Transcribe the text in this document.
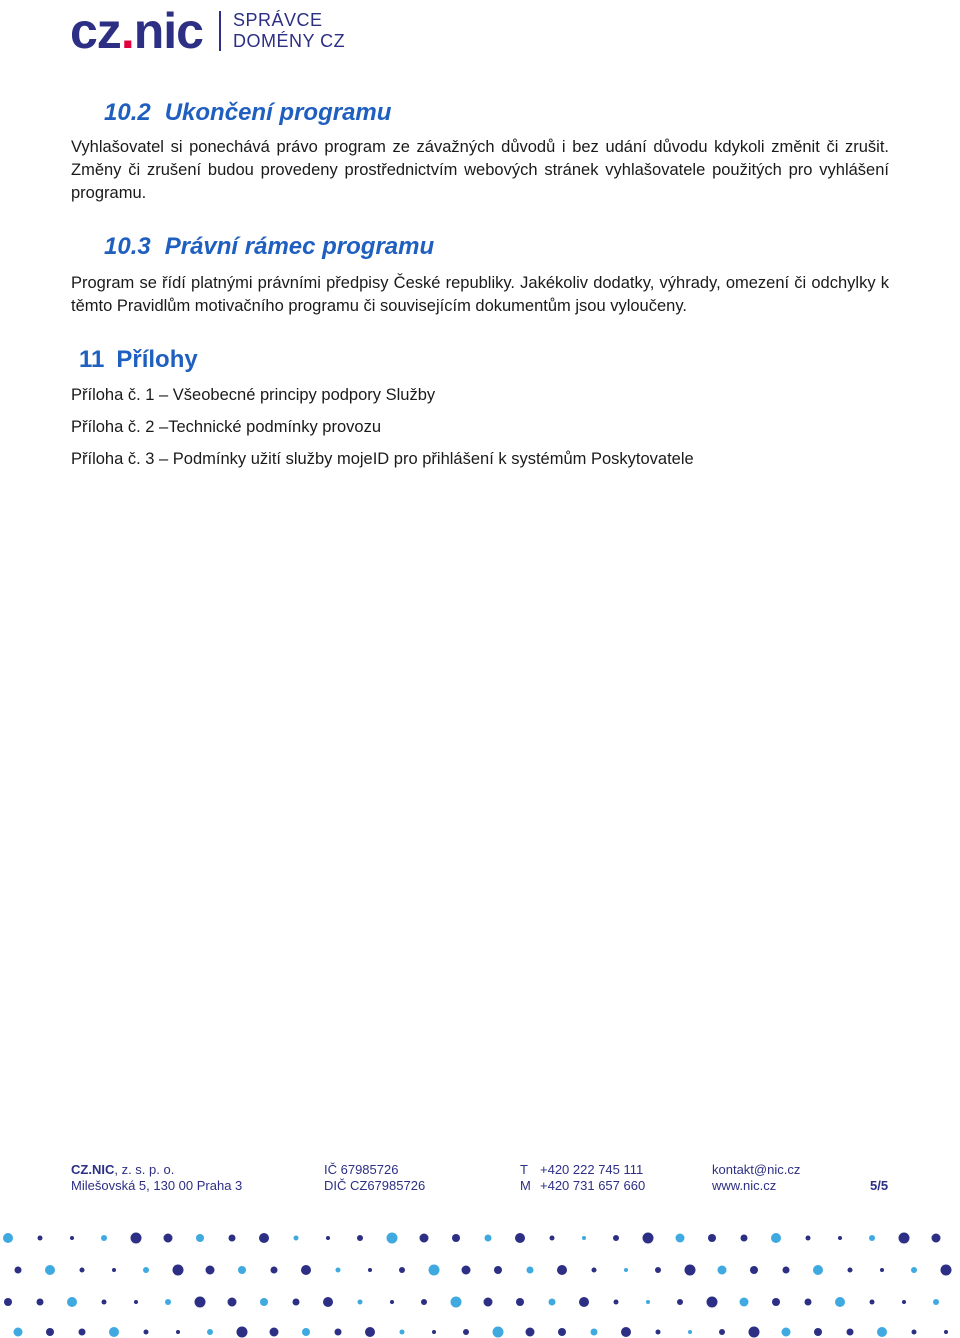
cz.nic SPRÁVCE
DOMÉNY CZ
10.2 Ukončení programu

Vyhlašovatel si ponechává právo program ze závažných důvodů i bez udání důvodu kdykoli změnit či zrušit. Změny či zrušení budou provedeny prostřednictvím webových stránek vyhlašovatele použitých pro vyhlášení programu.

10.3 Právní rámec programu

Program se řídí platnými právními předpisy České republiky. Jakékoliv dodatky, výhrady, omezení či odchylky k těmto Pravidlům motivačního programu či souvisejícím dokumentům jsou vyloučeny.

11 Přílohy

Příloha č. 1 – Všeobecné principy podpory Služby

Příloha č. 2 –Technické podmínky provozu

Příloha č. 3 – Podmínky užití služby mojeID pro přihlášení k systémům Poskytovatele

CZ.NIC, z. s. p. o.
Milešovská 5, 130 00 Praha 3
IČ 67985726
DIČ CZ67985726
T +420 222 745 111
M +420 731 657 660
kontakt@nic.cz
www.nic.cz	5/5
